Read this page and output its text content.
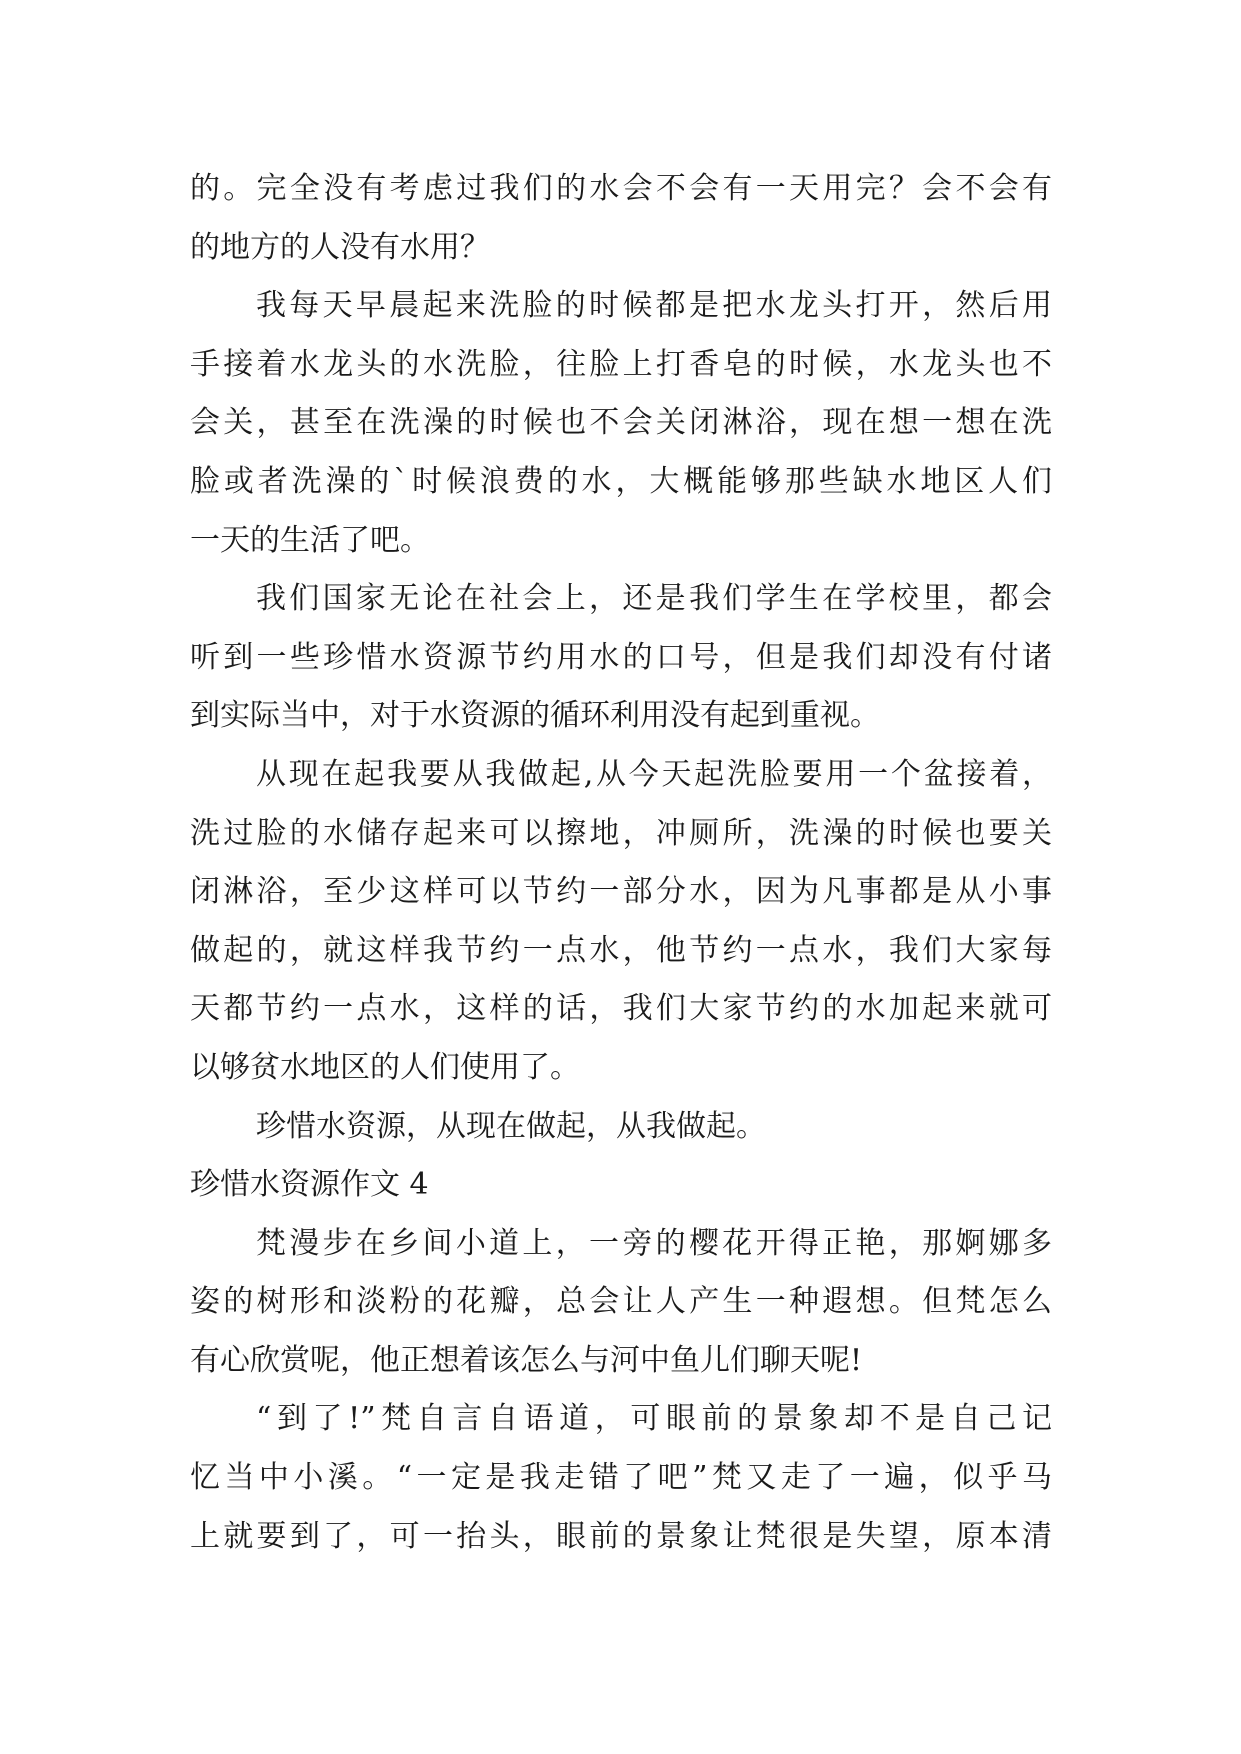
的。完全没有考虑过我们的水会不会有一天用完？会不会有
的地方的人没有水用？
我每天早晨起来洗脸的时候都是把水龙头打开，然后用
手接着水龙头的水洗脸，往脸上打香皂的时候，水龙头也不
会关，甚至在洗澡的时候也不会关闭淋浴，现在想一想在洗
脸或者洗澡的`时候浪费的水，大概能够那些缺水地区人们
一天的生活了吧。
我们国家无论在社会上，还是我们学生在学校里，都会
听到一些珍惜水资源节约用水的口号，但是我们却没有付诸
到实际当中，对于水资源的循环利用没有起到重视。
从现在起我要从我做起,从今天起洗脸要用一个盆接着，
洗过脸的水储存起来可以擦地，冲厕所，洗澡的时候也要关
闭淋浴，至少这样可以节约一部分水，因为凡事都是从小事
做起的，就这样我节约一点水，他节约一点水，我们大家每
天都节约一点水，这样的话，我们大家节约的水加起来就可
以够贫水地区的人们使用了。
珍惜水资源，从现在做起，从我做起。
珍惜水资源作文 4
梵漫步在乡间小道上，一旁的樱花开得正艳，那婀娜多
姿的树形和淡粉的花瓣，总会让人产生一种遐想。但梵怎么
有心欣赏呢，他正想着该怎么与河中鱼儿们聊天呢!
“到了!”梵自言自语道，可眼前的景象却不是自己记
忆当中小溪。“一定是我走错了吧”梵又走了一遍，似乎马
上就要到了，可一抬头，眼前的景象让梵很是失望，原本清
